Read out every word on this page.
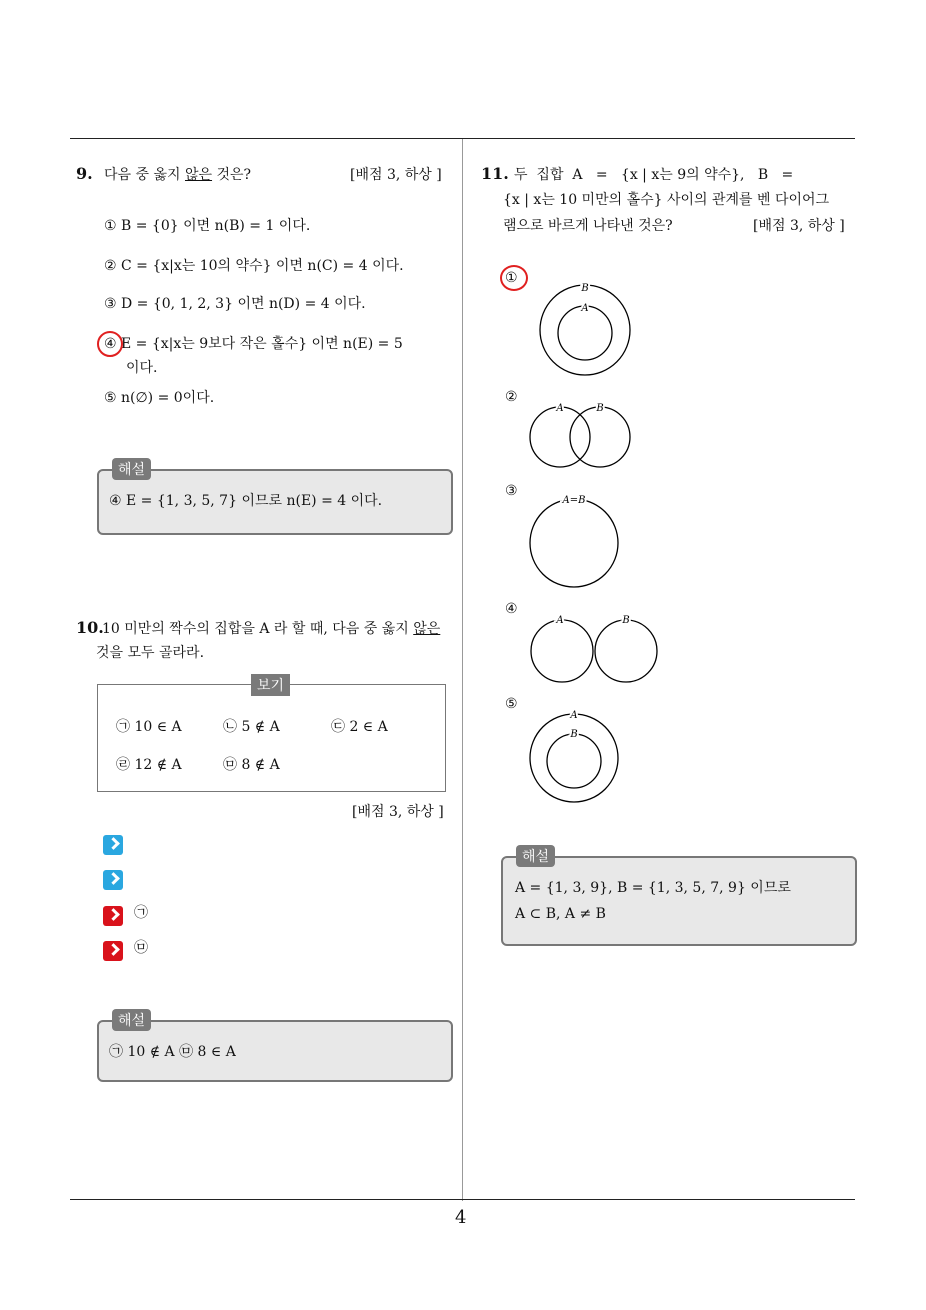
4
9. 다음 중 옳지 않은 것은?	[배점 3, 하상 ]
① B = {0} 이면 n(B) = 1 이다.
② C = {x|x는 10의 약수} 이면 n(C) = 4 이다.
③ D = {0, 1, 2, 3} 이면 n(D) = 4 이다.
④ E = {x|x는 9보다 작은 홀수} 이면 n(E) = 5
이다.
⑤ n(∅) = 0이다.
④ E = {1, 3, 5, 7} 이므로 n(E) = 4 이다.
해설
10.
10 미만의 짝수의 집합을 A 라 할 때, 다음 중 옳지 않은
것을 모두 골라라.
㉠ 10 ∈ A	㉡ 5 ∉ A	㉢ 2 ∈ A
㉣ 12 ∉ A	㉤ 8 ∉ A
보기
[배점 3, 하상 ]
㉠
㉤
㉠ 10 ∉ A ㉤ 8 ∈ A
해설
11. 두  집합  A   =   {x | x는 9의 약수},   B   =
{x | x는 10 미만의 홀수} 사이의 관계를 벤 다이어그
램으로 바르게 나타낸 것은?	[배점 3, 하상 ]
①
②
③
④
⑤
B
A
A	B
A=B
A	B
A
B
A = {1, 3, 9}, B = {1, 3, 5, 7, 9} 이므로
A ⊂ B, A ≠ B
해설
